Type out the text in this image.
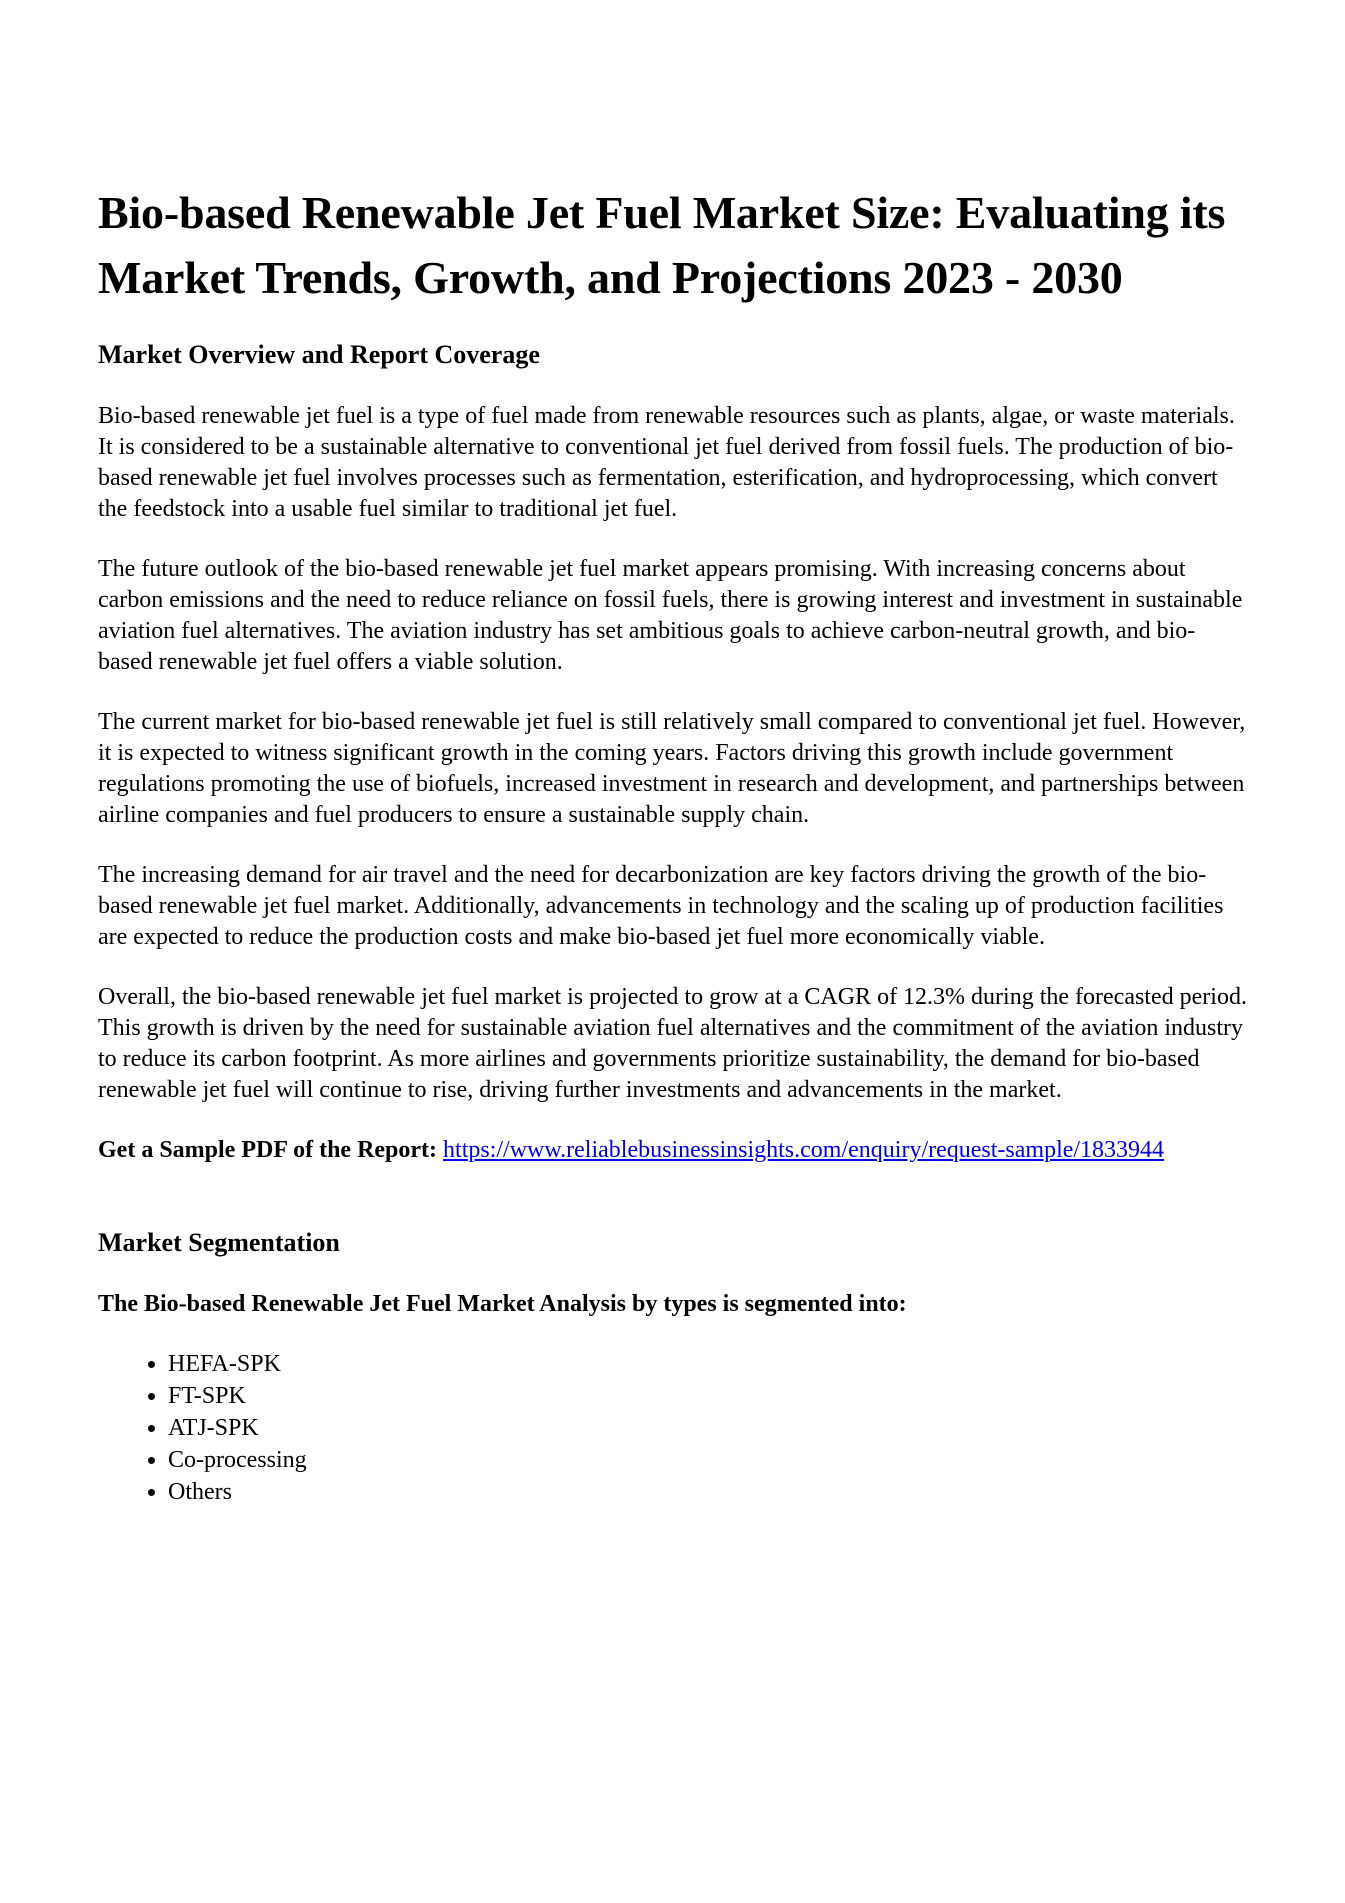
Bio-based Renewable Jet Fuel Market Size: Evaluating its Market Trends, Growth, and Projections 2023 - 2030
Market Overview and Report Coverage

Bio-based renewable jet fuel is a type of fuel made from renewable resources such as plants, algae, or waste materials. It is considered to be a sustainable alternative to conventional jet fuel derived from fossil fuels. The production of bio-based renewable jet fuel involves processes such as fermentation, esterification, and hydroprocessing, which convert the feedstock into a usable fuel similar to traditional jet fuel.

The future outlook of the bio-based renewable jet fuel market appears promising. With increasing concerns about carbon emissions and the need to reduce reliance on fossil fuels, there is growing interest and investment in sustainable aviation fuel alternatives. The aviation industry has set ambitious goals to achieve carbon-neutral growth, and bio-based renewable jet fuel offers a viable solution.

The current market for bio-based renewable jet fuel is still relatively small compared to conventional jet fuel. However, it is expected to witness significant growth in the coming years. Factors driving this growth include government regulations promoting the use of biofuels, increased investment in research and development, and partnerships between airline companies and fuel producers to ensure a sustainable supply chain.

The increasing demand for air travel and the need for decarbonization are key factors driving the growth of the bio-based renewable jet fuel market. Additionally, advancements in technology and the scaling up of production facilities are expected to reduce the production costs and make bio-based jet fuel more economically viable.

Overall, the bio-based renewable jet fuel market is projected to grow at a CAGR of 12.3% during the forecasted period. This growth is driven by the need for sustainable aviation fuel alternatives and the commitment of the aviation industry to reduce its carbon footprint. As more airlines and governments prioritize sustainability, the demand for bio-based renewable jet fuel will continue to rise, driving further investments and advancements in the market.

Get a Sample PDF of the Report: https://www.reliablebusinessinsights.com/enquiry/request-sample/1833944

Market Segmentation

The Bio-based Renewable Jet Fuel Market Analysis by types is segmented into:

• HEFA-SPK
• FT-SPK
• ATJ-SPK
• Co-processing
• Others
